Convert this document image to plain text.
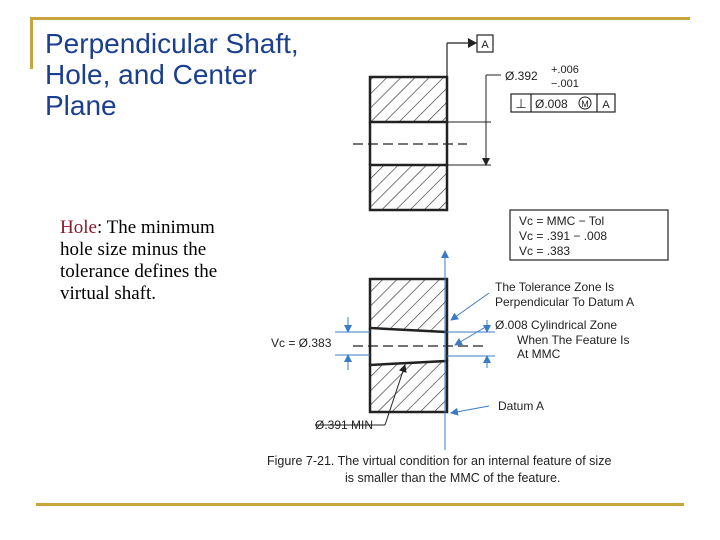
Perpendicular Shaft,
Hole, and Center
Plane
Hole: The minimum hole size minus the tolerance defines the virtual shaft.
A
Ø.392 +.006
−.001
⊥ Ø.008 M A
Vc = MMC − Tol
Vc = .391 − .008
Vc = .383
Vc = Ø.383
Ø.391 MIN
The Tolerance Zone Is
Perpendicular To Datum A
Ø.008 Cylindrical Zone
When The Feature Is
At MMC
Datum A
Figure 7-21. The virtual condition for an internal feature of size
is smaller than the MMC of the feature.
